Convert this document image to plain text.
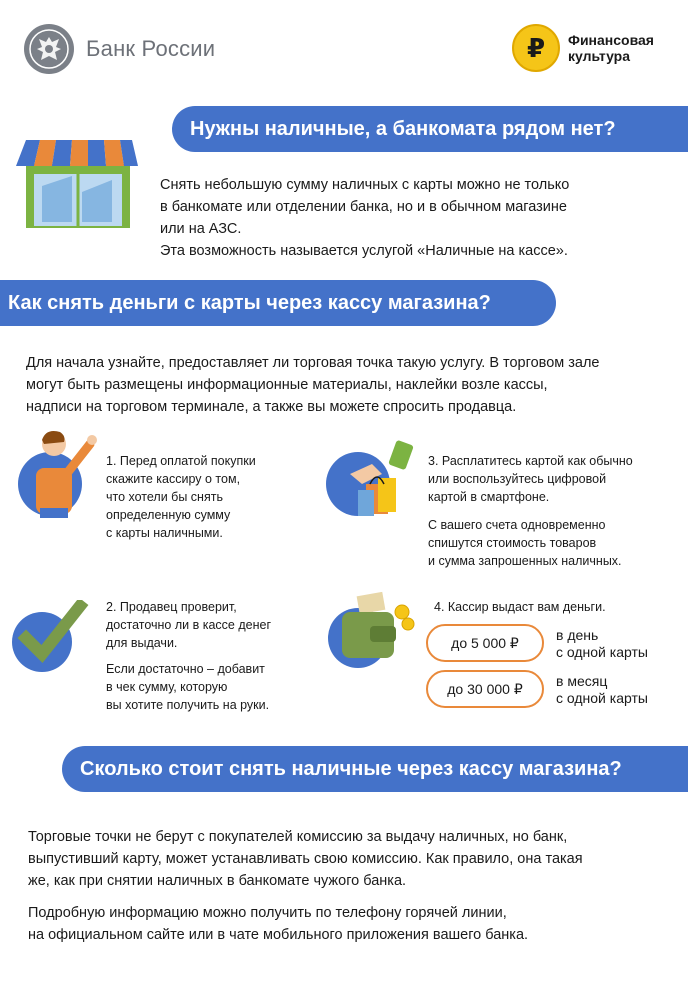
Банк России	₽	Финансовая
культура
Нужны наличные, а банкомата рядом нет?
Снять небольшую сумму наличных с карты можно не только
в банкомате или отделении банка, но и в обычном магазине
или на АЗС.
Эта возможность называется услугой «Наличные на кассе».
Как снять деньги с карты через кассу магазина?
Для начала узнайте, предоставляет ли торговая точка такую услугу. В торговом зале
могут быть размещены информационные материалы, наклейки возле кассы,
надписи на торговом терминале, а также вы можете спросить продавца.
1. Перед оплатой покупки
скажите кассиру о том,
что хотели бы снять
определенную сумму
с карты наличными.
3. Расплатитесь картой как обычно
или воспользуйтесь цифровой
картой в смартфоне.
С вашего счета одновременно
спишутся стоимость товаров
и сумма запрошенных наличных.
2. Продавец проверит,
достаточно ли в кассе денег
для выдачи.
Если достаточно – добавит
в чек сумму, которую
вы хотите получить на руки.
4. Кассир выдаст вам деньги.
до 5 000 ₽	в день
с одной карты
до 30 000 ₽	в месяц
с одной карты
Сколько стоит снять наличные через кассу магазина?
Торговые точки не берут с покупателей комиссию за выдачу наличных, но банк,
выпустивший карту, может устанавливать свою комиссию. Как правило, она такая
же, как при снятии наличных в банкомате чужого банка.
Подробную информацию можно получить по телефону горячей линии,
на официальном сайте или в чате мобильного приложения вашего банка.
